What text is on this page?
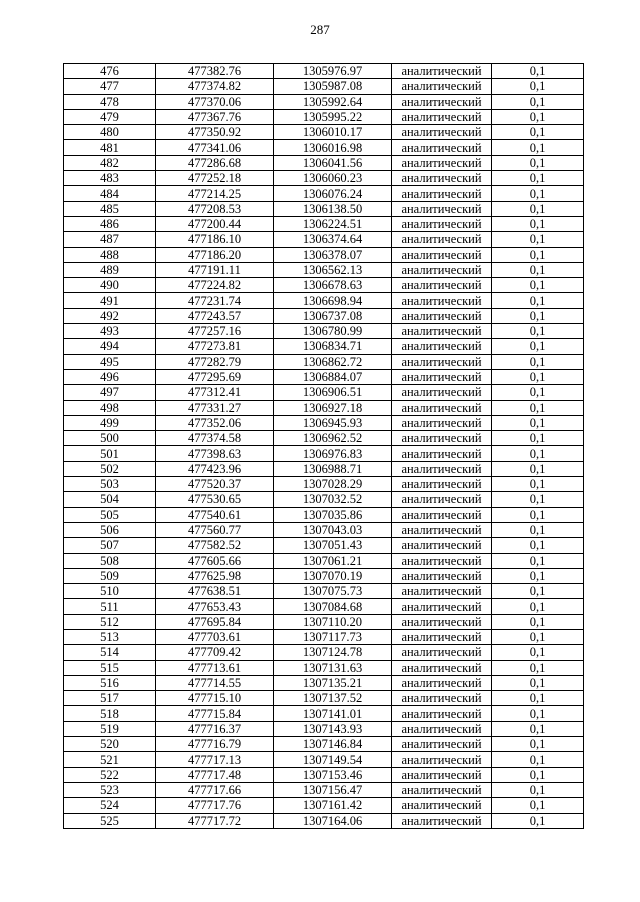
287
476	477382.76	1305976.97	аналитический	0,1
477	477374.82	1305987.08	аналитический	0,1
478	477370.06	1305992.64	аналитический	0,1
479	477367.76	1305995.22	аналитический	0,1
480	477350.92	1306010.17	аналитический	0,1
481	477341.06	1306016.98	аналитический	0,1
482	477286.68	1306041.56	аналитический	0,1
483	477252.18	1306060.23	аналитический	0,1
484	477214.25	1306076.24	аналитический	0,1
485	477208.53	1306138.50	аналитический	0,1
486	477200.44	1306224.51	аналитический	0,1
487	477186.10	1306374.64	аналитический	0,1
488	477186.20	1306378.07	аналитический	0,1
489	477191.11	1306562.13	аналитический	0,1
490	477224.82	1306678.63	аналитический	0,1
491	477231.74	1306698.94	аналитический	0,1
492	477243.57	1306737.08	аналитический	0,1
493	477257.16	1306780.99	аналитический	0,1
494	477273.81	1306834.71	аналитический	0,1
495	477282.79	1306862.72	аналитический	0,1
496	477295.69	1306884.07	аналитический	0,1
497	477312.41	1306906.51	аналитический	0,1
498	477331.27	1306927.18	аналитический	0,1
499	477352.06	1306945.93	аналитический	0,1
500	477374.58	1306962.52	аналитический	0,1
501	477398.63	1306976.83	аналитический	0,1
502	477423.96	1306988.71	аналитический	0,1
503	477520.37	1307028.29	аналитический	0,1
504	477530.65	1307032.52	аналитический	0,1
505	477540.61	1307035.86	аналитический	0,1
506	477560.77	1307043.03	аналитический	0,1
507	477582.52	1307051.43	аналитический	0,1
508	477605.66	1307061.21	аналитический	0,1
509	477625.98	1307070.19	аналитический	0,1
510	477638.51	1307075.73	аналитический	0,1
511	477653.43	1307084.68	аналитический	0,1
512	477695.84	1307110.20	аналитический	0,1
513	477703.61	1307117.73	аналитический	0,1
514	477709.42	1307124.78	аналитический	0,1
515	477713.61	1307131.63	аналитический	0,1
516	477714.55	1307135.21	аналитический	0,1
517	477715.10	1307137.52	аналитический	0,1
518	477715.84	1307141.01	аналитический	0,1
519	477716.37	1307143.93	аналитический	0,1
520	477716.79	1307146.84	аналитический	0,1
521	477717.13	1307149.54	аналитический	0,1
522	477717.48	1307153.46	аналитический	0,1
523	477717.66	1307156.47	аналитический	0,1
524	477717.76	1307161.42	аналитический	0,1
525	477717.72	1307164.06	аналитический	0,1
